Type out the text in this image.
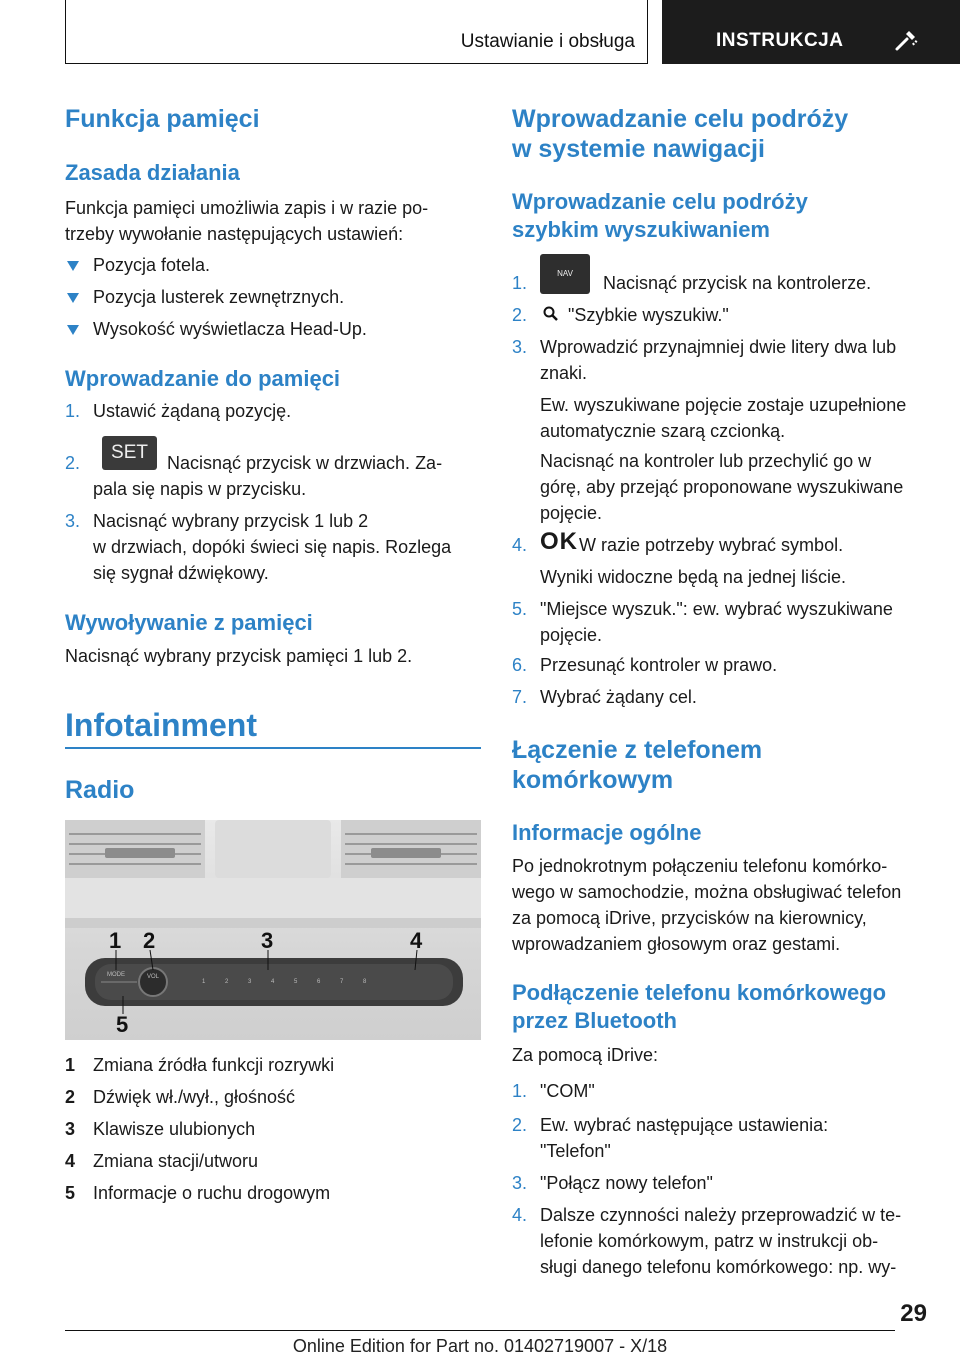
Ustawianie i obsługa	INSTRUKCJA
Funkcja pamięci
Zasada działania
Funkcja pamięci umożliwia zapis i w razie po-
trzeby wywołanie następujących ustawień:
Pozycja fotela.
Pozycja lusterek zewnętrznych.
Wysokość wyświetlacza Head-Up.
Wprowadzanie do pamięci
1. Ustawić żądaną pozycję.
2.	SET	Nacisnąć przycisk w drzwiach. Za-
pala się napis w przycisku.
3. Nacisnąć wybrany przycisk 1 lub 2
w drzwiach, dopóki świeci się napis. Rozlega
się sygnał dźwiękowy.
Wywoływanie z pamięci
Nacisnąć wybrany przycisk pamięci 1 lub 2.
Infotainment
Radio
MODE	VOL
1	2	3	4	5	6	7	8
1 2	3	4
5
1 Zmiana źródła funkcji rozrywki
2 Dźwięk wł./wył., głośność
3 Klawisze ulubionych
4 Zmiana stacji/utworu
5 Informacje o ruchu drogowym
Wprowadzanie celu podróży
w systemie nawigacji
Wprowadzanie celu podróży
szybkim wyszukiwaniem
1.	NAV	Nacisnąć przycisk na kontrolerze.
2. "Szybkie wyszukiw."
3. Wprowadzić przynajmniej dwie litery dwa lub
znaki.
Ew. wyszukiwane pojęcie zostaje uzupełnione
automatycznie szarą czcionką.
Nacisnąć na kontroler lub przechylić go w
górę, aby przejąć proponowane wyszukiwane
pojęcie.
4. OK W razie potrzeby wybrać symbol.
Wyniki widoczne będą na jednej liście.
5. "Miejsce wyszuk.": ew. wybrać wyszukiwane
pojęcie.
6. Przesunąć kontroler w prawo.
7. Wybrać żądany cel.
Łączenie z telefonem
komórkowym
Informacje ogólne
Po jednokrotnym połączeniu telefonu komórko-
wego w samochodzie, można obsługiwać telefon
za pomocą iDrive, przycisków na kierownicy,
wprowadzaniem głosowym oraz gestami.
Podłączenie telefonu komórkowego
przez Bluetooth
Za pomocą iDrive:
1. "COM"
2. Ew. wybrać następujące ustawienia:
"Telefon"
3. "Połącz nowy telefon"
4. Dalsze czynności należy przeprowadzić w te-
lefonie komórkowym, patrz w instrukcji ob-
sługi danego telefonu komórkowego: np. wy-
29
Online Edition for Part no. 01402719007 - X/18
